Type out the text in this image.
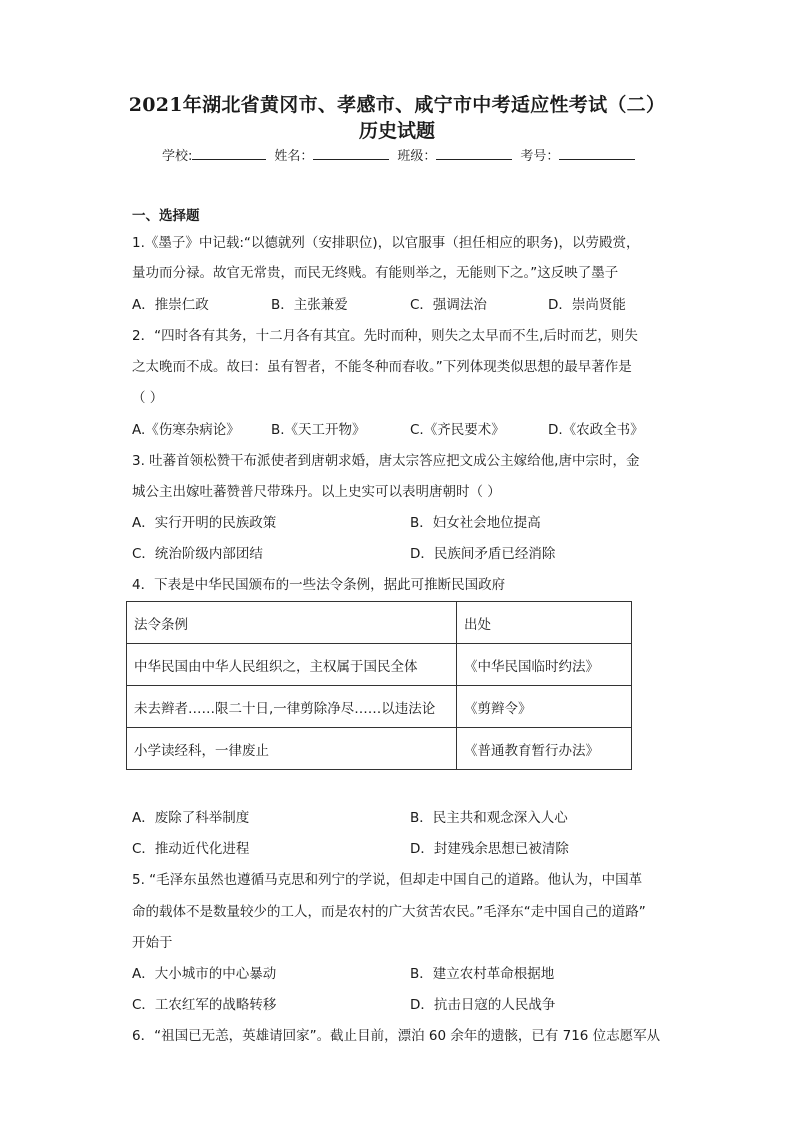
2021年湖北省黄冈市、孝感市、咸宁市中考适应性考试（二）
历史试题
学校:	姓名：	班级：	考号：
一、选择题
1.《墨子》中记载:“以德就列（安排职位)，以官服事（担任相应的职务)，以劳殿赏，
量功而分禄。故官无常贵，而民无终贱。有能则举之，无能则下之。”这反映了墨子
A．推崇仁政	B．主张兼爱	C．强调法治	D．崇尚贤能
2．“四时各有其务，十二月各有其宜。先时而种，则失之太早而不生,后时而艺，则失
之太晚而不成。故曰：虽有智者，不能冬种而春收。”下列体现类似思想的最早著作是
（ ）
A.《伤寒杂病论》 B.《天工开物》	C.《齐民要术》	D.《农政全书》
3. 吐蕃首领松赞干布派使者到唐朝求婚，唐太宗答应把文成公主嫁给他,唐中宗时，金
城公主出嫁吐蕃赞普尺带珠丹。以上史实可以表明唐朝时（ ）
A．实行开明的民族政策	B．妇女社会地位提高
C．统治阶级内部团结	D．民族间矛盾已经消除
4．下表是中华民国颁布的一些法令条例，据此可推断民国政府
法令条例	出处
中华民国由中华人民组织之，主权属于国民全体	《中华民国临时约法》
未去辫者……限二十日,一律剪除净尽……以违法论	《剪辫令》
小学读经科，一律废止	《普通教育暂行办法》
A．废除了科举制度	B．民主共和观念深入人心
C．推动近代化进程	D．封建残余思想已被清除
5. “毛泽东虽然也遵循马克思和列宁的学说，但却走中国自己的道路。他认为，中国革
命的载体不是数量较少的工人，而是农村的广大贫苦农民。”毛泽东“走中国自己的道路”
开始于
A．大小城市的中心暴动	B．建立农村革命根据地
C．工农红军的战略转移	D．抗击日寇的人民战争
6．“祖国已无恙，英雄请回家”。截止目前，漂泊 60 余年的遗骸，已有 716 位志愿军从
